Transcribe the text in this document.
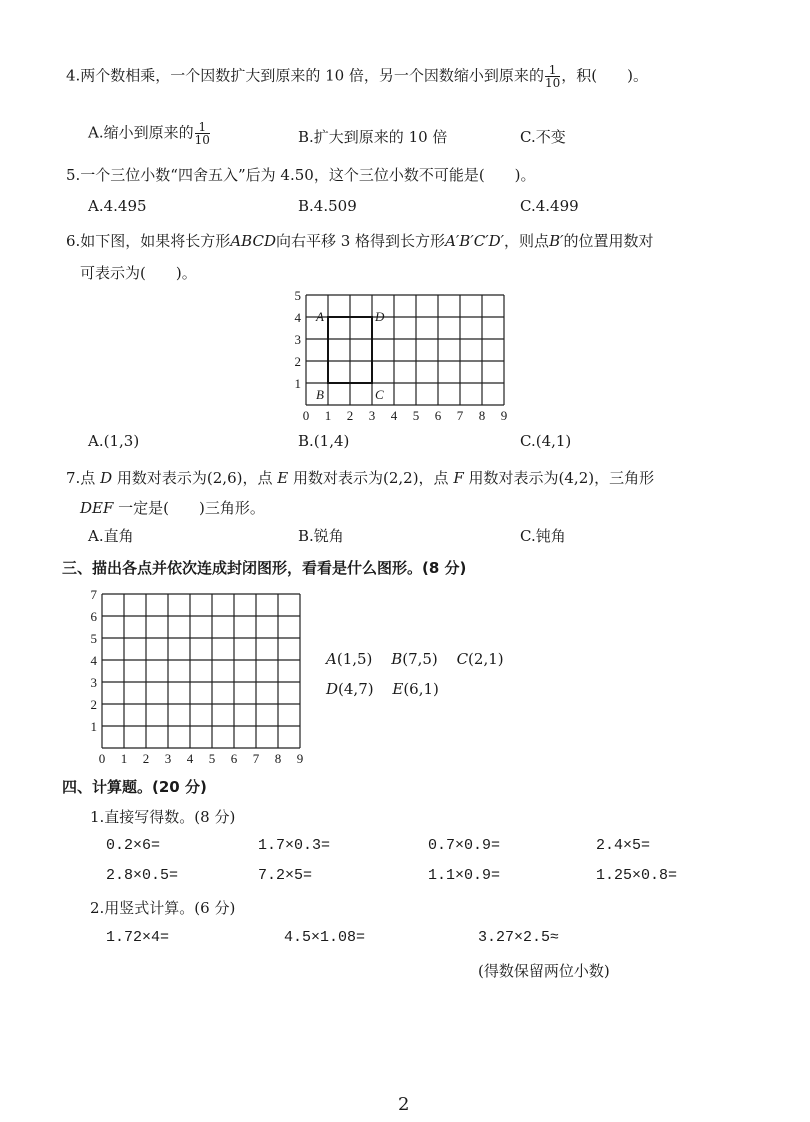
4.两个数相乘，一个因数扩大到原来的 10 倍，另一个因数缩小到原来的 $\frac{1}{10}$ ，积(　　)。
A.缩小到原来的 $\frac{1}{10}$	B.扩大到原来的 10 倍	C.不变
5.一个三位小数“四舍五入”后为 4.50，这个三位小数不可能是(　　)。
A.4.495	B.4.509	C.4.499
6.如下图，如果将长方形ABCD向右平移 3 格得到长方形A′B′C′D′，则点B′的位置用数对
可表示为(　　)。
0 1 2 3 4 5 6 7 8 9
1
2
3
4
5
A
B	C
D
A.(1,3)	B.(1,4)	C.(4,1)
7.点 D 用数对表示为(2,6)，点 E 用数对表示为(2,2)，点 F 用数对表示为(4,2)，三角形
DEF 一定是(　　)三角形。
A.直角	B.锐角	C.钝角
三、描出各点并依次连成封闭图形，看看是什么图形。(8 分)
0 1 2 3 4 5 6 7 8 9
1
2
3
4
5
6
7
A(1,5) B(7,5) C(2,1)
D(4,7) E(6,1)
四、计算题。(20 分)
1.直接写得数。(8 分)
0.2×6=	1.7×0.3=	0.7×0.9=	2.4×5=
2.8×0.5=	7.2×5=	1.1×0.9=	1.25×0.8=
2.用竖式计算。(6 分)
1.72×4=	4.5×1.08=	3.27×2.5≈
(得数保留两位小数)
2
